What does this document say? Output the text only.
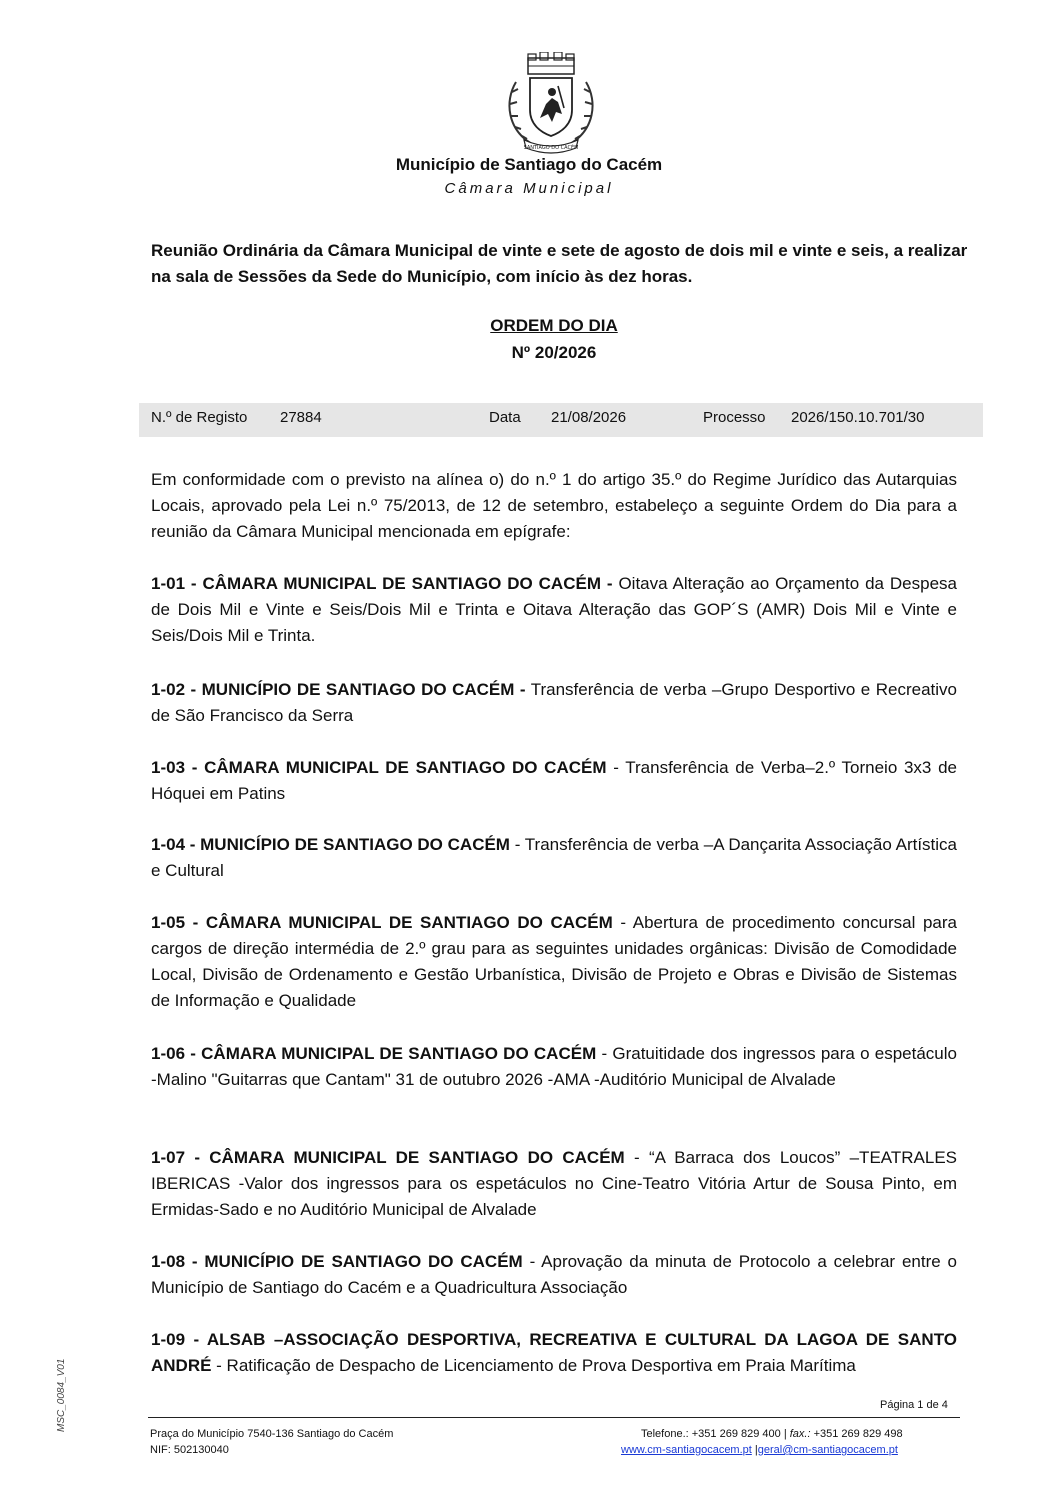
SANTIAGO DO CACÉM
Município de Santiago do Cacém
Câmara Municipal
Reunião Ordinária da Câmara Municipal de vinte e sete de agosto de dois mil e vinte e seis, a realizar na sala de Sessões da Sede do Município, com início às dez horas.
ORDEM DO DIA
Nº 20/2026
N.º de Registo 27884	Data 21/08/2026	Processo 2026/150.10.701/30
Em conformidade com o previsto na alínea o) do n.º 1 do artigo 35.º do Regime Jurídico das Autarquias Locais, aprovado pela Lei n.º 75/2013, de 12 de setembro, estabeleço a seguinte Ordem do Dia para a reunião da Câmara Municipal mencionada em epígrafe:
1-01 - CÂMARA MUNICIPAL DE SANTIAGO DO CACÉM - Oitava Alteração ao Orçamento da Despesa de Dois Mil e Vinte e Seis/Dois Mil e Trinta e Oitava Alteração das GOP´S (AMR) Dois Mil e Vinte e Seis/Dois Mil e Trinta.
1-02 - MUNICÍPIO DE SANTIAGO DO CACÉM - Transferência de verba –Grupo Desportivo e Recreativo de São Francisco da Serra
1-03 - CÂMARA MUNICIPAL DE SANTIAGO DO CACÉM - Transferência de Verba–2.º Torneio 3x3 de Hóquei em Patins
1-04 - MUNICÍPIO DE SANTIAGO DO CACÉM - Transferência de verba –A Dançarita Associação Artística e Cultural
1-05 - CÂMARA MUNICIPAL DE SANTIAGO DO CACÉM - Abertura de procedimento concursal para cargos de direção intermédia de 2.º grau para as seguintes unidades orgânicas: Divisão de Comodidade Local, Divisão de Ordenamento e Gestão Urbanística, Divisão de Projeto e Obras e Divisão de Sistemas de Informação e Qualidade
1-06 - CÂMARA MUNICIPAL DE SANTIAGO DO CACÉM - Gratuitidade dos ingressos para o espetáculo -Malino "Guitarras que Cantam" 31 de outubro 2026 -AMA -Auditório Municipal de Alvalade
1-07 - CÂMARA MUNICIPAL DE SANTIAGO DO CACÉM - “A Barraca dos Loucos” –TEATRALES IBERICAS -Valor dos ingressos para os espetáculos no Cine-Teatro Vitória Artur de Sousa Pinto, em Ermidas-Sado e no Auditório Municipal de Alvalade
1-08 - MUNICÍPIO DE SANTIAGO DO CACÉM - Aprovação da minuta de Protocolo a celebrar entre o Município de Santiago do Cacém e a Quadricultura Associação
1-09 - ALSAB –ASSOCIAÇÃO DESPORTIVA, RECREATIVA E CULTURAL DA LAGOA DE SANTO ANDRÉ - Ratificação de Despacho de Licenciamento de Prova Desportiva em Praia Marítima
Página 1 de 4
Praça do Município 7540-136 Santiago do Cacém
NIF: 502130040
Telefone.: +351 269 829 400 | fax.: +351 269 829 498
www.cm-santiagocacem.pt |geral@cm-santiagocacem.pt
MSC_0084_V01
